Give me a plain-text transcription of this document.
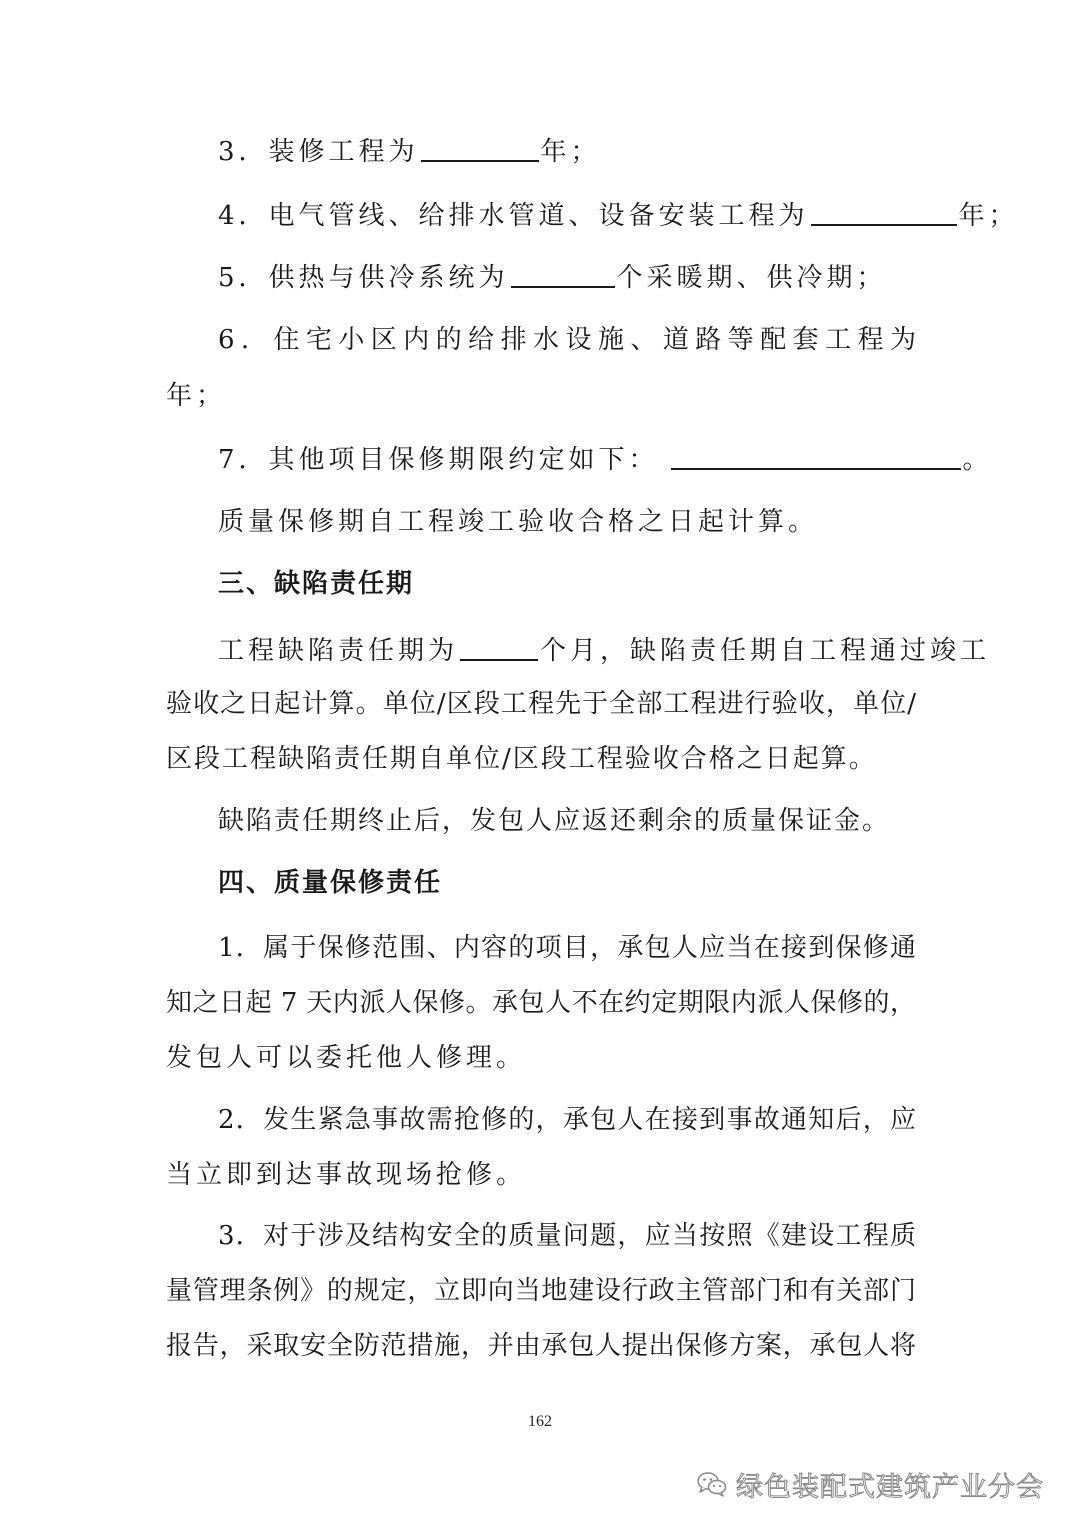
3．装修工程为	年；
4．电气管线、给排水管道、设备安装工程为	年；
5．供热与供冷系统为	个采暖期、供冷期；
6．住宅小区内的给排水设施、道路等配套工程为
年；
7．其他项目保修期限约定如下：	。
质量保修期自工程竣工验收合格之日起计算。
三、缺陷责任期
工程缺陷责任期为	个月，缺陷责任期自工程通过竣工
验收之日起计算。单位/区段工程先于全部工程进行验收，单位/
区段工程缺陷责任期自单位/区段工程验收合格之日起算。
缺陷责任期终止后，发包人应返还剩余的质量保证金。
四、质量保修责任
1．属于保修范围、内容的项目，承包人应当在接到保修通
知之日起 7 天内派人保修。承包人不在约定期限内派人保修的，
发包人可以委托他人修理。
2．发生紧急事故需抢修的，承包人在接到事故通知后，应
当立即到达事故现场抢修。
3．对于涉及结构安全的质量问题，应当按照《建设工程质
量管理条例》的规定，立即向当地建设行政主管部门和有关部门
报告，采取安全防范措施，并由承包人提出保修方案，承包人将
162
绿色装配式建筑产业分会
